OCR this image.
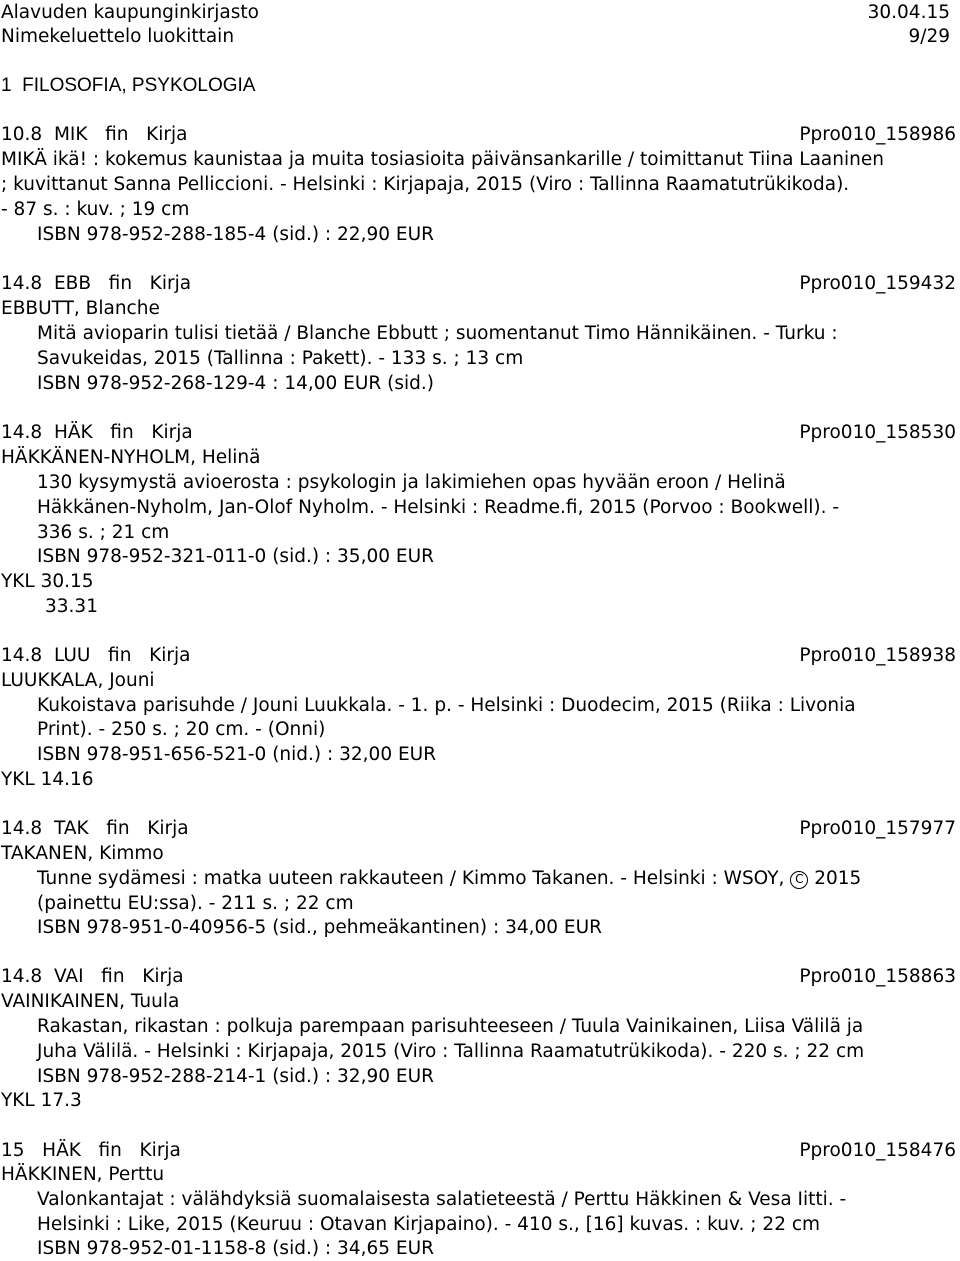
Alavuden kaupunginkirjasto	30.04.15
Nimekeluettelo luokittain	9/29
1  FILOSOFIA, PSYKOLOGIA
10.8  MIK   fin   Kirja	Ppro010_158986
MIKÄ ikä! : kokemus kaunistaa ja muita tosiasioita päivänsankarille / toimittanut Tiina Laaninen
; kuvittanut Sanna Pelliccioni. - Helsinki : Kirjapaja, 2015 (Viro : Tallinna Raamatutrükikoda).
- 87 s. : kuv. ; 19 cm
ISBN 978-952-288-185-4 (sid.) : 22,90 EUR
14.8  EBB   fin   Kirja	Ppro010_159432
EBBUTT, Blanche
Mitä avioparin tulisi tietää / Blanche Ebbutt ; suomentanut Timo Hännikäinen. - Turku :
Savukeidas, 2015 (Tallinna : Pakett). - 133 s. ; 13 cm
ISBN 978-952-268-129-4 : 14,00 EUR (sid.)
14.8  HÄK   fin   Kirja	Ppro010_158530
HÄKKÄNEN-NYHOLM, Helinä
130 kysymystä avioerosta : psykologin ja lakimiehen opas hyvään eroon / Helinä
Häkkänen-Nyholm, Jan-Olof Nyholm. - Helsinki : Readme.fi, 2015 (Porvoo : Bookwell). -
336 s. ; 21 cm
ISBN 978-952-321-011-0 (sid.) : 35,00 EUR
YKL 30.15
33.31
14.8  LUU   fin   Kirja	Ppro010_158938
LUUKKALA, Jouni
Kukoistava parisuhde / Jouni Luukkala. - 1. p. - Helsinki : Duodecim, 2015 (Riika : Livonia
Print). - 250 s. ; 20 cm. - (Onni)
ISBN 978-951-656-521-0 (nid.) : 32,00 EUR
YKL 14.16
14.8  TAK   fin   Kirja	Ppro010_157977
TAKANEN, Kimmo
Tunne sydämesi : matka uuteen rakkauteen / Kimmo Takanen. - Helsinki : WSOY, C 2015
(painettu EU:ssa). - 211 s. ; 22 cm
ISBN 978-951-0-40956-5 (sid., pehmeäkantinen) : 34,00 EUR
14.8  VAI   fin   Kirja	Ppro010_158863
VAINIKAINEN, Tuula
Rakastan, rikastan : polkuja parempaan parisuhteeseen / Tuula Vainikainen, Liisa Välilä ja
Juha Välilä. - Helsinki : Kirjapaja, 2015 (Viro : Tallinna Raamatutrükikoda). - 220 s. ; 22 cm
ISBN 978-952-288-214-1 (sid.) : 32,90 EUR
YKL 17.3
15   HÄK   fin   Kirja	Ppro010_158476
HÄKKINEN, Perttu
Valonkantajat : välähdyksiä suomalaisesta salatieteestä / Perttu Häkkinen & Vesa Iitti. -
Helsinki : Like, 2015 (Keuruu : Otavan Kirjapaino). - 410 s., [16] kuvas. : kuv. ; 22 cm
ISBN 978-952-01-1158-8 (sid.) : 34,65 EUR
